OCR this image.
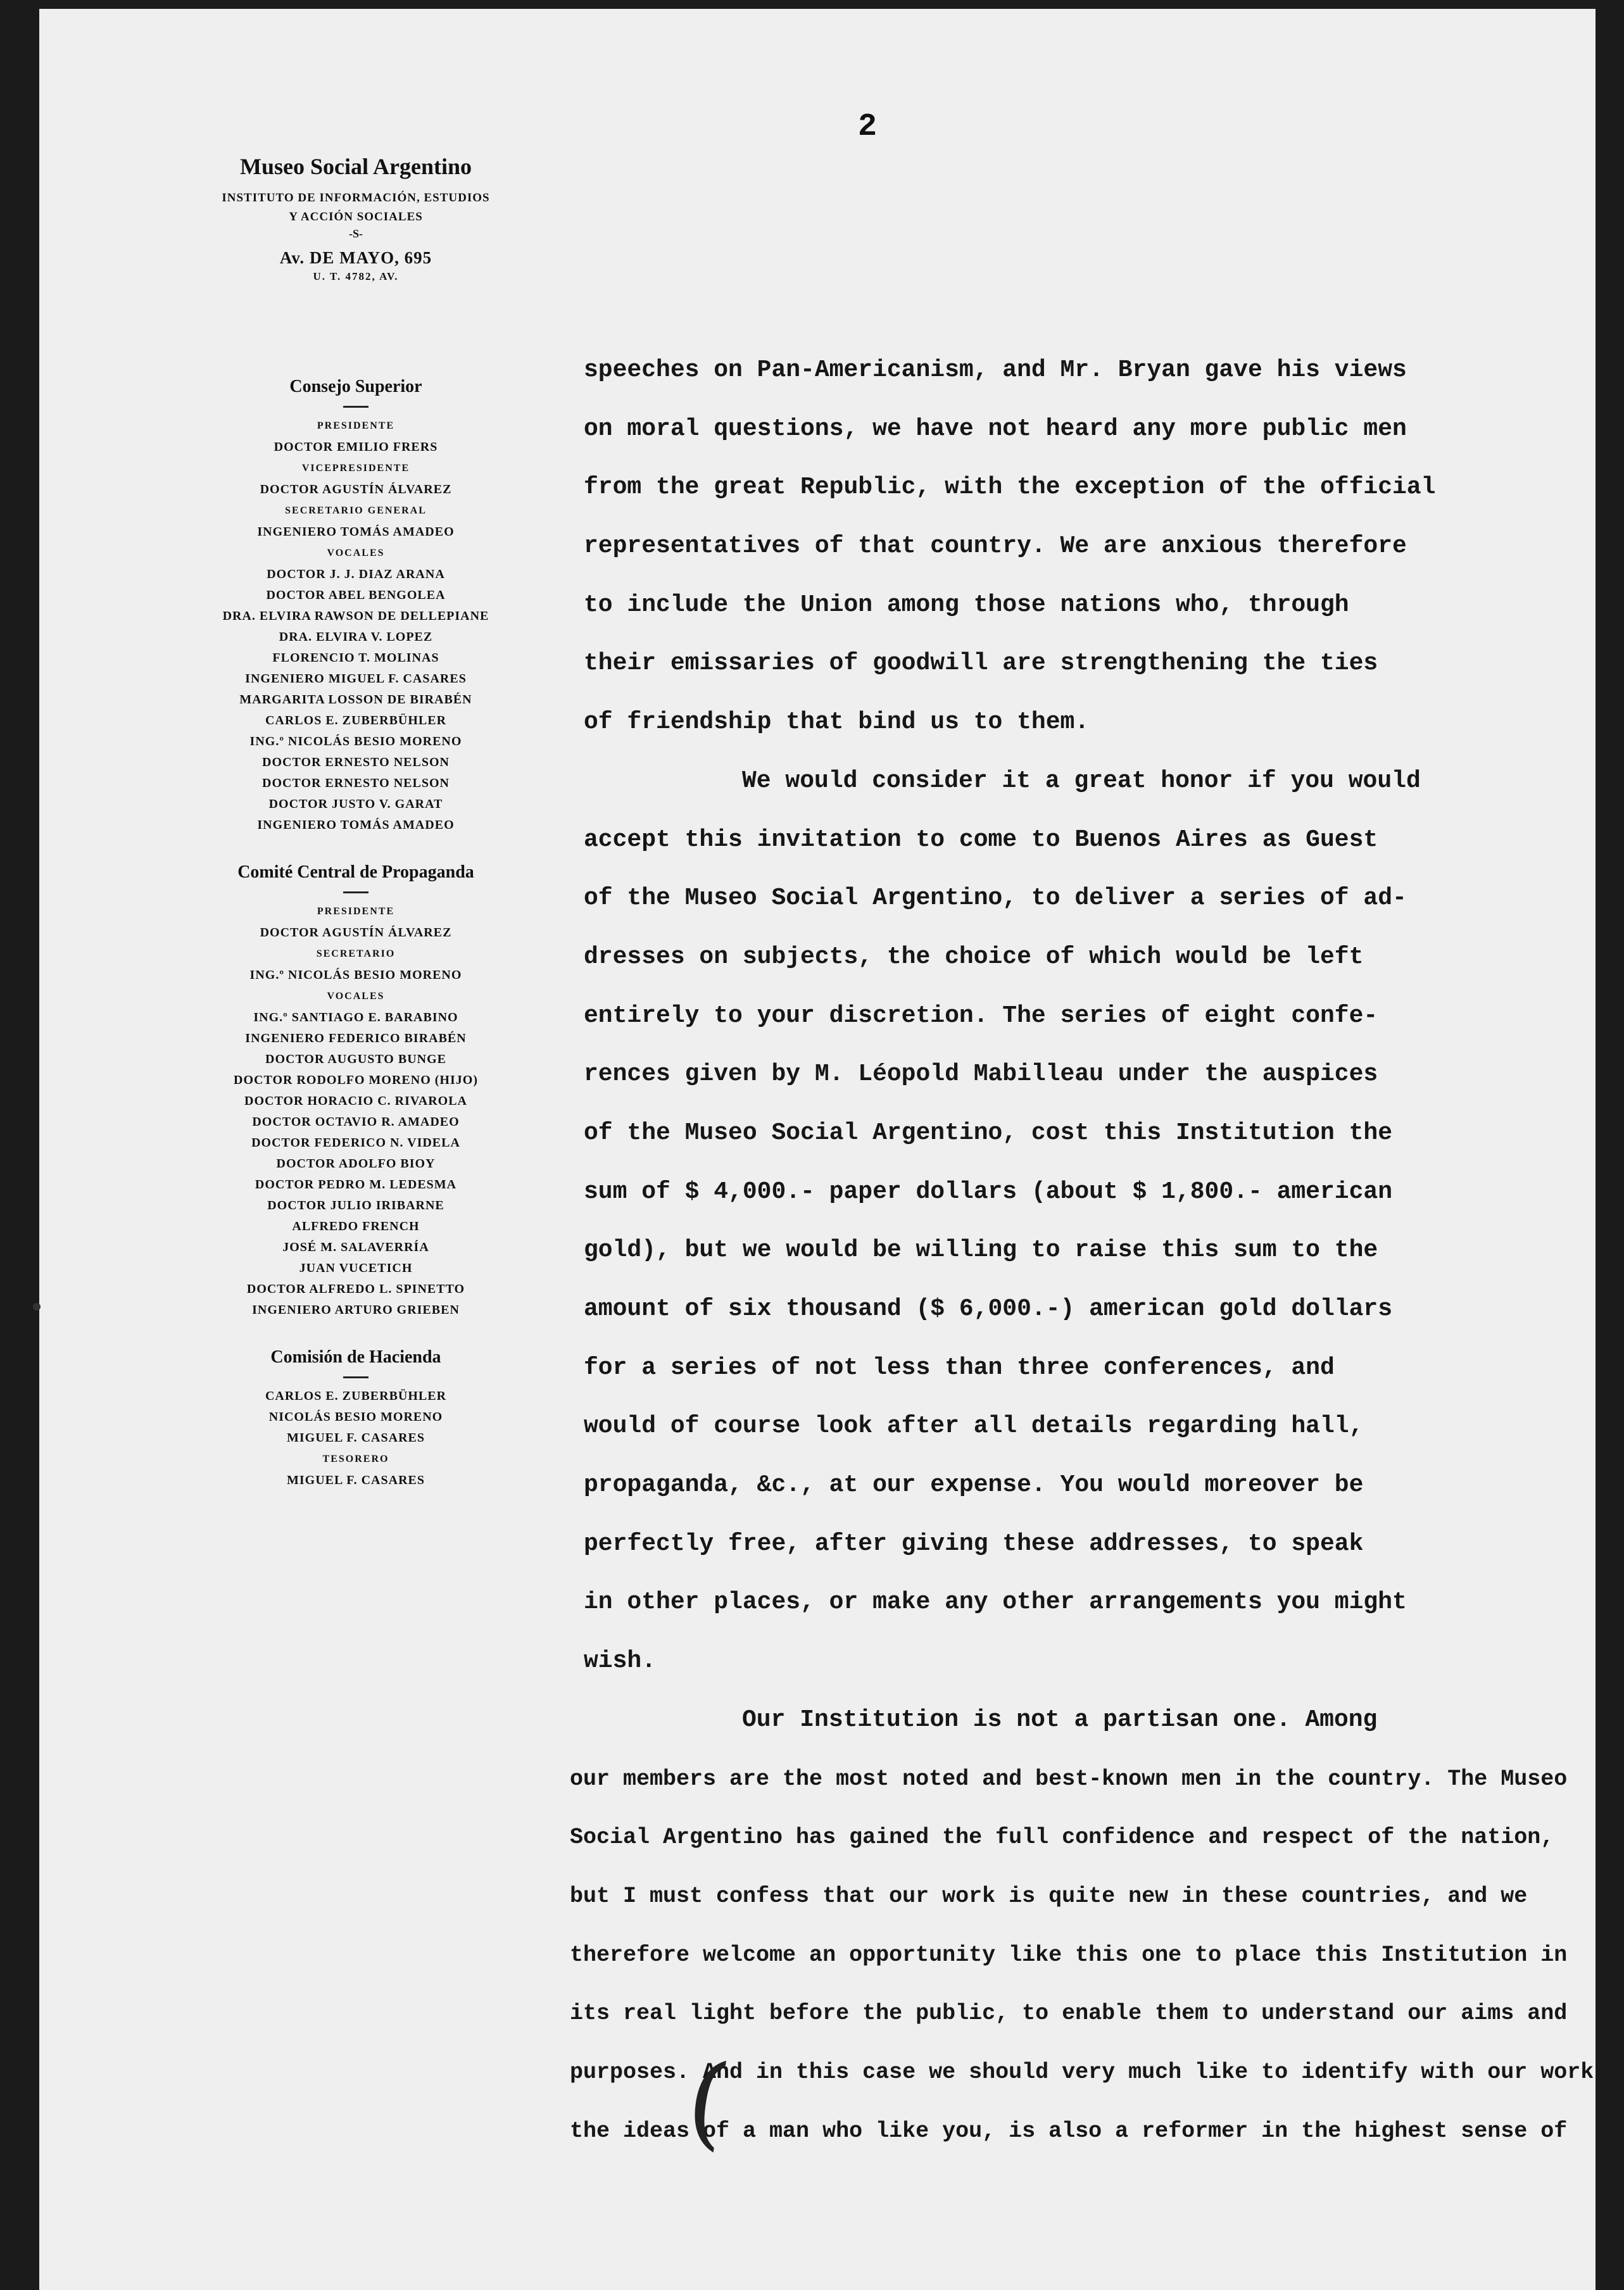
2
Museo Social Argentino
INSTITUTO DE INFORMACIÓN, ESTUDIOS
Y ACCIÓN SOCIALES
-S-
Av. DE MAYO, 695
U. T. 4782, AV.
Consejo Superior
PRESIDENTE
DOCTOR EMILIO FRERS
VICEPRESIDENTE
DOCTOR AGUSTÍN ÁLVAREZ
SECRETARIO GENERAL
INGENIERO TOMÁS AMADEO
VOCALES
DOCTOR J. J. DIAZ ARANA
DOCTOR ABEL BENGOLEA
DRA. ELVIRA RAWSON DE DELLEPIANE
DRA. ELVIRA V. LOPEZ
FLORENCIO T. MOLINAS
INGENIERO MIGUEL F. CASARES
MARGARITA LOSSON DE BIRABÉN
CARLOS E. ZUBERBÜHLER
ING.º NICOLÁS BESIO MORENO
DOCTOR ERNESTO NELSON
DOCTOR ERNESTO NELSON
DOCTOR JUSTO V. GARAT
INGENIERO TOMÁS AMADEO
Comité Central de Propaganda
PRESIDENTE
DOCTOR AGUSTÍN ÁLVAREZ
SECRETARIO
ING.º NICOLÁS BESIO MORENO
VOCALES
ING.º SANTIAGO E. BARABINO
INGENIERO FEDERICO BIRABÉN
DOCTOR AUGUSTO BUNGE
DOCTOR RODOLFO MORENO (HIJO)
DOCTOR HORACIO C. RIVAROLA
DOCTOR OCTAVIO R. AMADEO
DOCTOR FEDERICO N. VIDELA
DOCTOR ADOLFO BIOY
DOCTOR PEDRO M. LEDESMA
DOCTOR JULIO IRIBARNE
ALFREDO FRENCH
JOSÉ M. SALAVERRÍA
JUAN VUCETICH
DOCTOR ALFREDO L. SPINETTO
INGENIERO ARTURO GRIEBEN
Comisión de Hacienda
CARLOS E. ZUBERBÜHLER
NICOLÁS BESIO MORENO
MIGUEL F. CASARES
TESORERO
MIGUEL F. CASARES
speeches on Pan-Americanism, and Mr. Bryan gave his views
on moral questions, we have not heard any more public men
from the great Republic, with the exception of the official
representatives of that country. We are anxious therefore
to include the Union among those nations who, through
their emissaries of goodwill are strengthening the ties
of friendship that bind us to them.
We would consider it a great honor if you would
accept this invitation to come to Buenos Aires as Guest
of the Museo Social Argentino, to deliver a series of ad-
dresses on subjects, the choice of which would be left
entirely to your discretion. The series of eight confe-
rences given by M. Léopold Mabilleau under the auspices
of the Museo Social Argentino, cost this Institution the
sum of $ 4,000.- paper dollars (about $ 1,800.- american
gold), but we would be willing to raise this sum to the
amount of six thousand ($ 6,000.-) american gold dollars
for a series of not less than three conferences, and
would of course look after all details regarding hall,
propaganda, &c., at our expense. You would moreover be
perfectly free, after giving these addresses, to speak
in other places, or make any other arrangements you might
wish.
Our Institution is not a partisan one. Among
our members are the most noted and best-known men in the country. The Museo
Social Argentino has gained the full confidence and respect of the nation,
but I must confess that our work is quite new in these countries, and we
therefore welcome an opportunity like this one to place this Institution in
its real light before the public, to enable them to understand our aims and
purposes. And in this case we should very much like to identify with our work
the ideas of a man who like you, is also a reformer in the highest sense of
(
